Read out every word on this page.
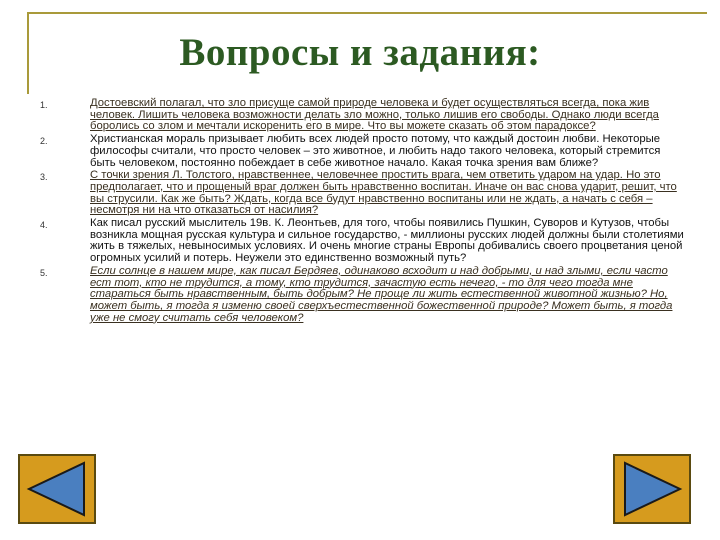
Вопросы и задания:
1.	Достоевский полагал, что зло присуще самой природе человека и будет осуществляться всегда, пока жив человек. Лишить человека возможности делать зло можно, только лишив его свободы. Однако люди всегда боролись со злом и мечтали искоренить его в мире. Что вы можете сказать об этом парадоксе?
2.	Христианская мораль призывает любить всех людей просто потому, что каждый достоин любви. Некоторые философы считали, что просто человек – это животное, и любить надо такого человека, который стремится быть человеком, постоянно побеждает в себе животное начало. Какая точка зрения вам ближе?
3.	С точки зрения Л. Толстого, нравственнее, человечнее простить врага, чем ответить ударом на удар. Но это предполагает, что и прощеный враг должен быть нравственно воспитан. Иначе он вас снова ударит, решит, что вы струсили. Как же быть? Ждать, когда все будут нравственно воспитаны или не ждать, а начать с себя – несмотря ни на что отказаться от насилия?
4.	Как писал русский мыслитель 19в. К. Леонтьев, для того, чтобы появились Пушкин, Суворов и Кутузов, чтобы возникла мощная русская культура и сильное государство, - миллионы русских людей должны были столетиями жить в тяжелых, невыносимых условиях. И очень многие страны Европы добивались своего процветания ценой огромных усилий и потерь. Неужели это единственно возможный путь?
5.	Если солнце в нашем мире, как писал Бердяев, одинаково всходит и над добрыми, и над злыми, если часто ест тот, кто не трудится, а тому, кто трудится, зачастую есть нечего, - то для чего тогда мне стараться быть нравственным, быть добрым? Не проще ли жить естественной животной жизнью? Но, может быть, я тогда я изменю своей сверхъестественной божественной природе? Может быть, я тогда уже не смогу считать себя человеком?
